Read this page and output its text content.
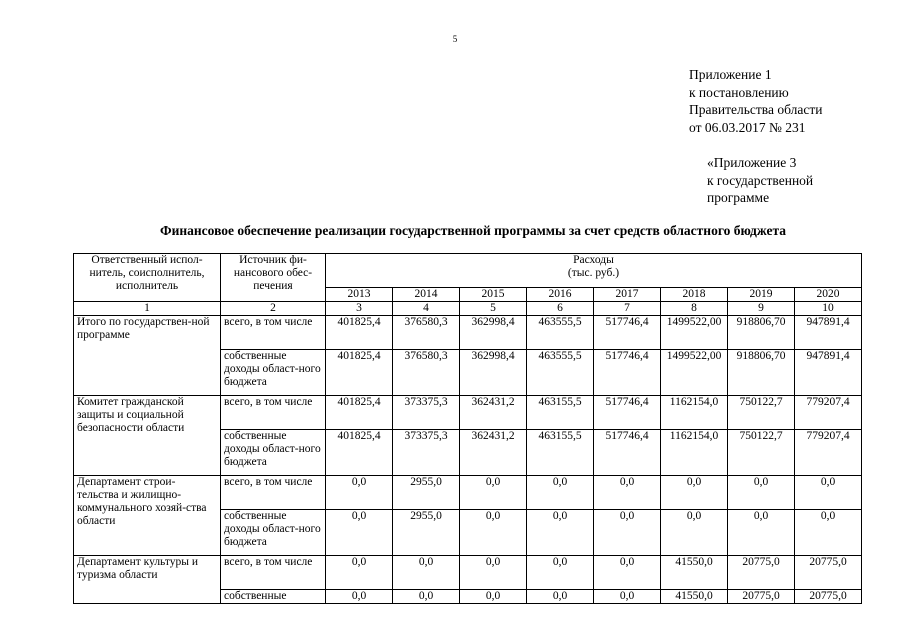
5
Приложение 1
к постановлению
Правительства области
от 06.03.2017 № 231
«Приложение 3
к государственной
программе
Финансовое обеспечение реализации государственной программы за счет средств областного бюджета
Ответственный испол-нитель, соисполнитель, исполнитель	Источник фи-нансового обес-печения	Расходы
(тыс. руб.)							

		2013	2014	2015	2016	2017	2018	2019	2020
1	2	3	4	5	6	7	8	9	10
Итого по государствен-ной программе	всего, в том числе	401825,4	376580,3	362998,4	463555,5	517746,4	1499522,00	918806,70	947891,4
	собственные доходы област-ного бюджета	401825,4	376580,3	362998,4	463555,5	517746,4	1499522,00	918806,70	947891,4
Комитет гражданской защиты и социальной безопасности области	всего, в том числе	401825,4	373375,3	362431,2	463155,5	517746,4	1162154,0	750122,7	779207,4
	собственные доходы област-ного бюджета	401825,4	373375,3	362431,2	463155,5	517746,4	1162154,0	750122,7	779207,4
Департамент строи-тельства и жилищно-коммунального хозяй-ства области	всего, в том числе	0,0	2955,0	0,0	0,0	0,0	0,0	0,0	0,0
	собственные доходы област-ного бюджета	0,0	2955,0	0,0	0,0	0,0	0,0	0,0	0,0
Департамент культуры и туризма области	всего, в том числе	0,0	0,0	0,0	0,0	0,0	41550,0	20775,0	20775,0
	собственные	0,0	0,0	0,0	0,0	0,0	41550,0	20775,0	20775,0
